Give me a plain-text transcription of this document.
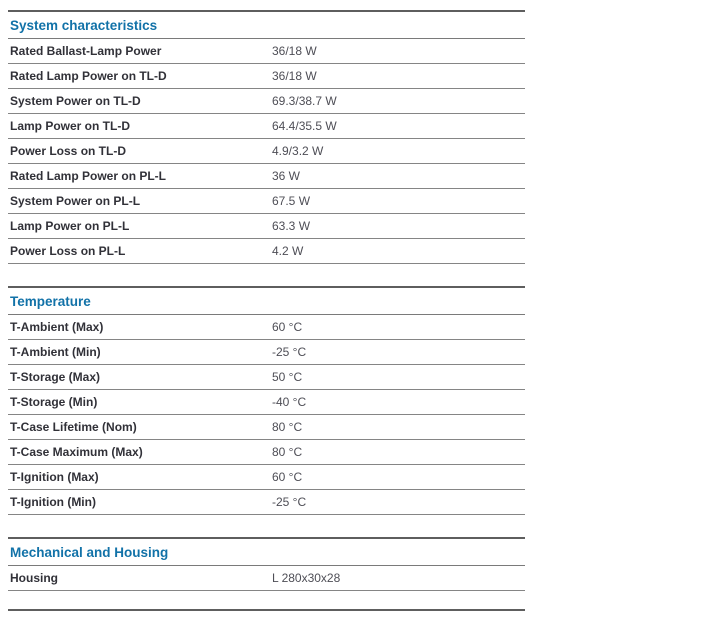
System characteristics
Rated Ballast-Lamp Power	36/18 W
Rated Lamp Power on TL-D	36/18 W
System Power on TL-D	69.3/38.7 W
Lamp Power on TL-D	64.4/35.5 W
Power Loss on TL-D	4.9/3.2 W
Rated Lamp Power on PL-L	36 W
System Power on PL-L	67.5 W
Lamp Power on PL-L	63.3 W
Power Loss on PL-L	4.2 W
Temperature
T-Ambient (Max)	60 °C
T-Ambient (Min)	-25 °C
T-Storage (Max)	50 °C
T-Storage (Min)	-40 °C
T-Case Lifetime (Nom)	80 °C
T-Case Maximum (Max)	80 °C
T-Ignition (Max)	60 °C
T-Ignition (Min)	-25 °C
Mechanical and Housing
Housing	L 280x30x28
